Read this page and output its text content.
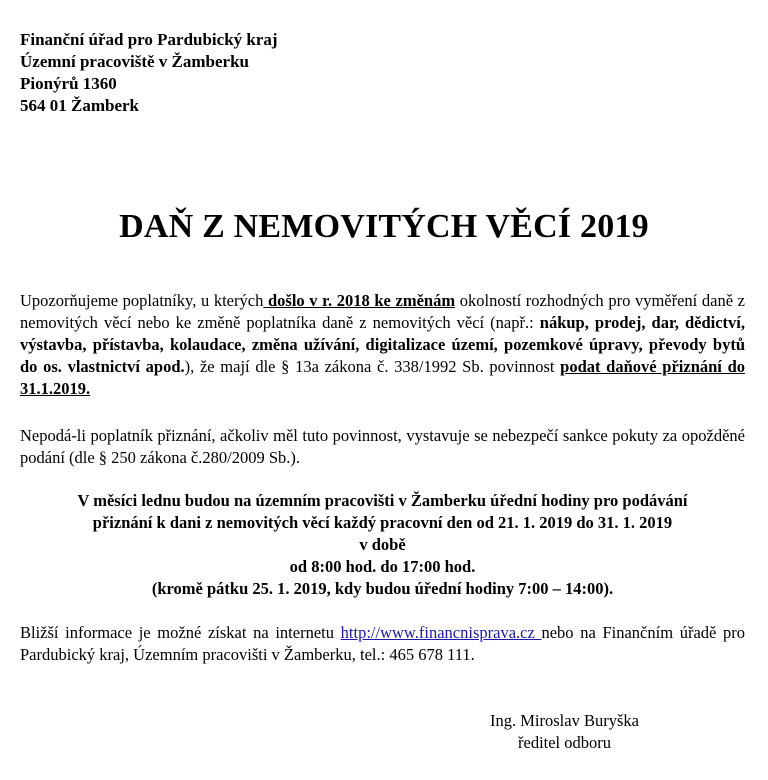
Finanční úřad pro Pardubický kraj
Územní pracoviště v Žamberku
Pionýrů 1360
564 01 Žamberk
DAŇ Z NEMOVITÝCH VĚCÍ 2019
Upozorňujeme poplatníky, u kterých došlo v r. 2018 ke změnám okolností rozhodných pro vyměření daně z nemovitých věcí nebo ke změně poplatníka daně z nemovitých věcí (např.: nákup, prodej, dar, dědictví, výstavba, přístavba, kolaudace, změna užívání, digitalizace území, pozemkové úpravy, převody bytů do os. vlastnictví apod.), že mají dle § 13a zákona č. 338/1992 Sb. povinnost podat daňové přiznání do 31.1.2019.
Nepodá-li poplatník přiznání, ačkoliv měl tuto povinnost, vystavuje se nebezpečí sankce pokuty za opožděné podání (dle § 250 zákona č.280/2009 Sb.).
V měsíci lednu budou na územním pracovišti v Žamberku úřední hodiny pro podávání
přiznání k dani z nemovitých věcí každý pracovní den od 21. 1. 2019 do 31. 1. 2019
v době
od 8:00 hod. do 17:00 hod.
(kromě pátku 25. 1. 2019, kdy budou úřední hodiny 7:00 – 14:00).
Bližší informace je možné získat na internetu http://www.financnisprava.cz nebo na Finančním úřadě pro Pardubický kraj, Územním pracovišti v Žamberku, tel.: 465 678 111.
Ing. Miroslav Buryška
ředitel odboru
